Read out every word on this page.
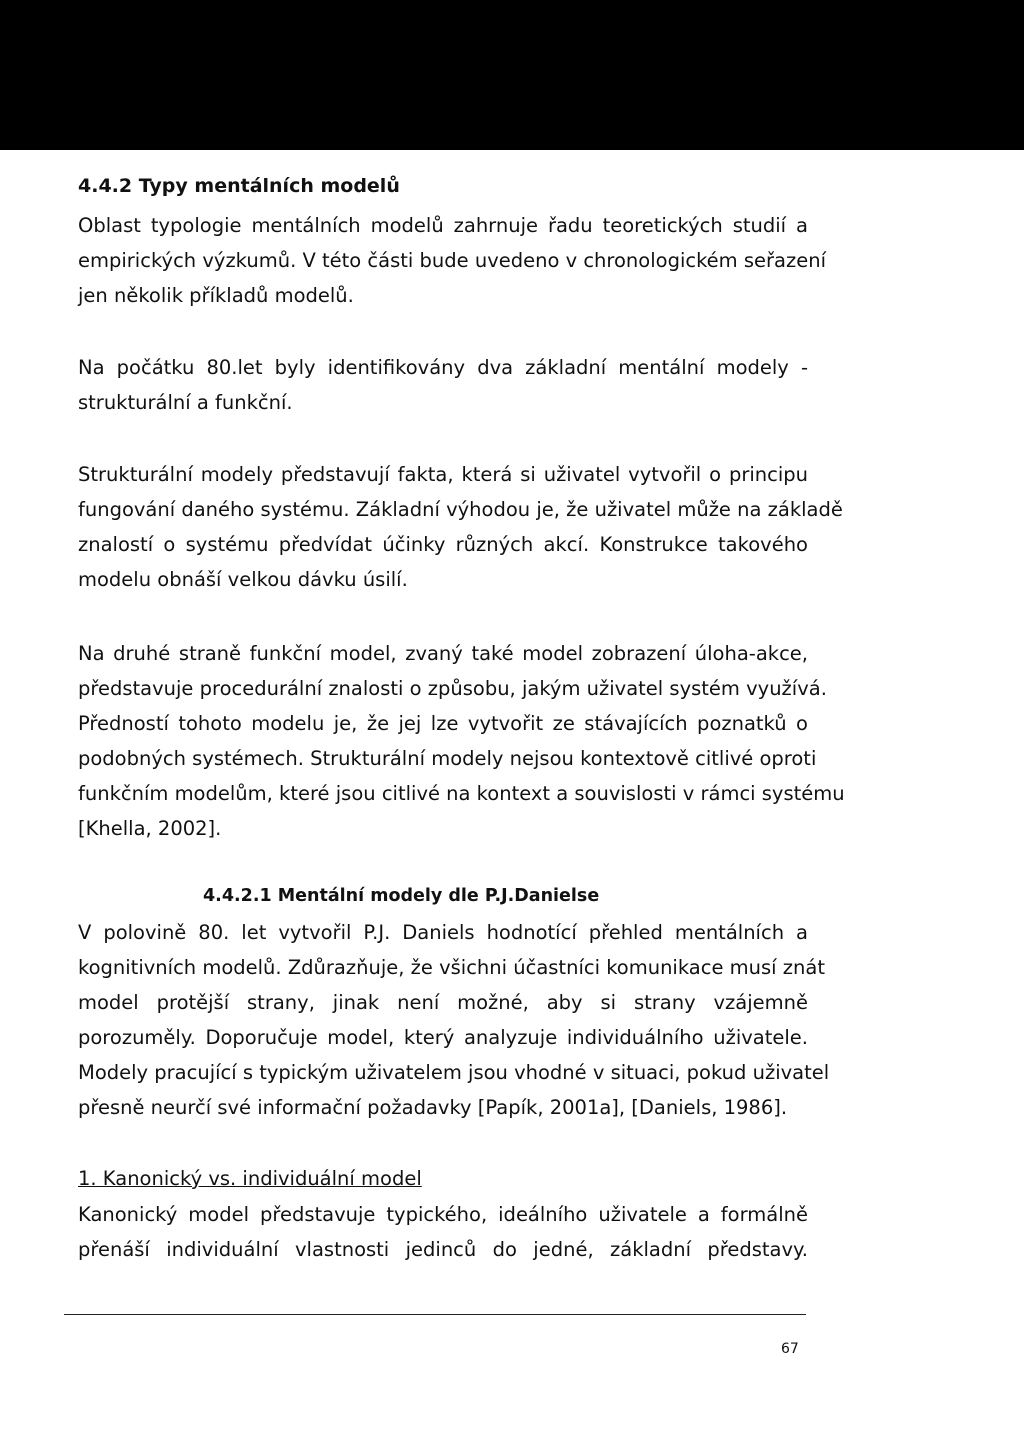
4.4.2 Typy mentálních modelů
Oblast typologie mentálních modelů zahrnuje řadu teoretických studií a
empirických výzkumů. V této části bude uvedeno v chronologickém seřazení
jen několik příkladů modelů.
Na počátku 80.let byly identifikovány dva základní mentální modely -
strukturální a funkční.
Strukturální modely představují fakta, která si uživatel vytvořil o principu
fungování daného systému. Základní výhodou je, že uživatel může na základě
znalostí o systému předvídat účinky různých akcí. Konstrukce takového
modelu obnáší velkou dávku úsilí.
Na druhé straně funkční model, zvaný také model zobrazení úloha-akce,
představuje procedurální znalosti o způsobu, jakým uživatel systém využívá.
Předností tohoto modelu je, že jej lze vytvořit ze stávajících poznatků o
podobných systémech. Strukturální modely nejsou kontextově citlivé oproti
funkčním modelům, které jsou citlivé na kontext a souvislosti v rámci systému
[Khella, 2002].
4.4.2.1 Mentální modely dle P.J.Danielse
V polovině 80. let vytvořil P.J. Daniels hodnotící přehled mentálních a
kognitivních modelů. Zdůrazňuje, že všichni účastníci komunikace musí znát
model protější strany, jinak není možné, aby si strany vzájemně
porozuměly. Doporučuje model, který analyzuje individuálního uživatele.
Modely pracující s typickým uživatelem jsou vhodné v situaci, pokud uživatel
přesně neurčí své informační požadavky [Papík, 2001a], [Daniels, 1986].
1. Kanonický vs. individuální model
Kanonický model představuje typického, ideálního uživatele a formálně
přenáší individuální vlastnosti jedinců do jedné, základní představy.
67
